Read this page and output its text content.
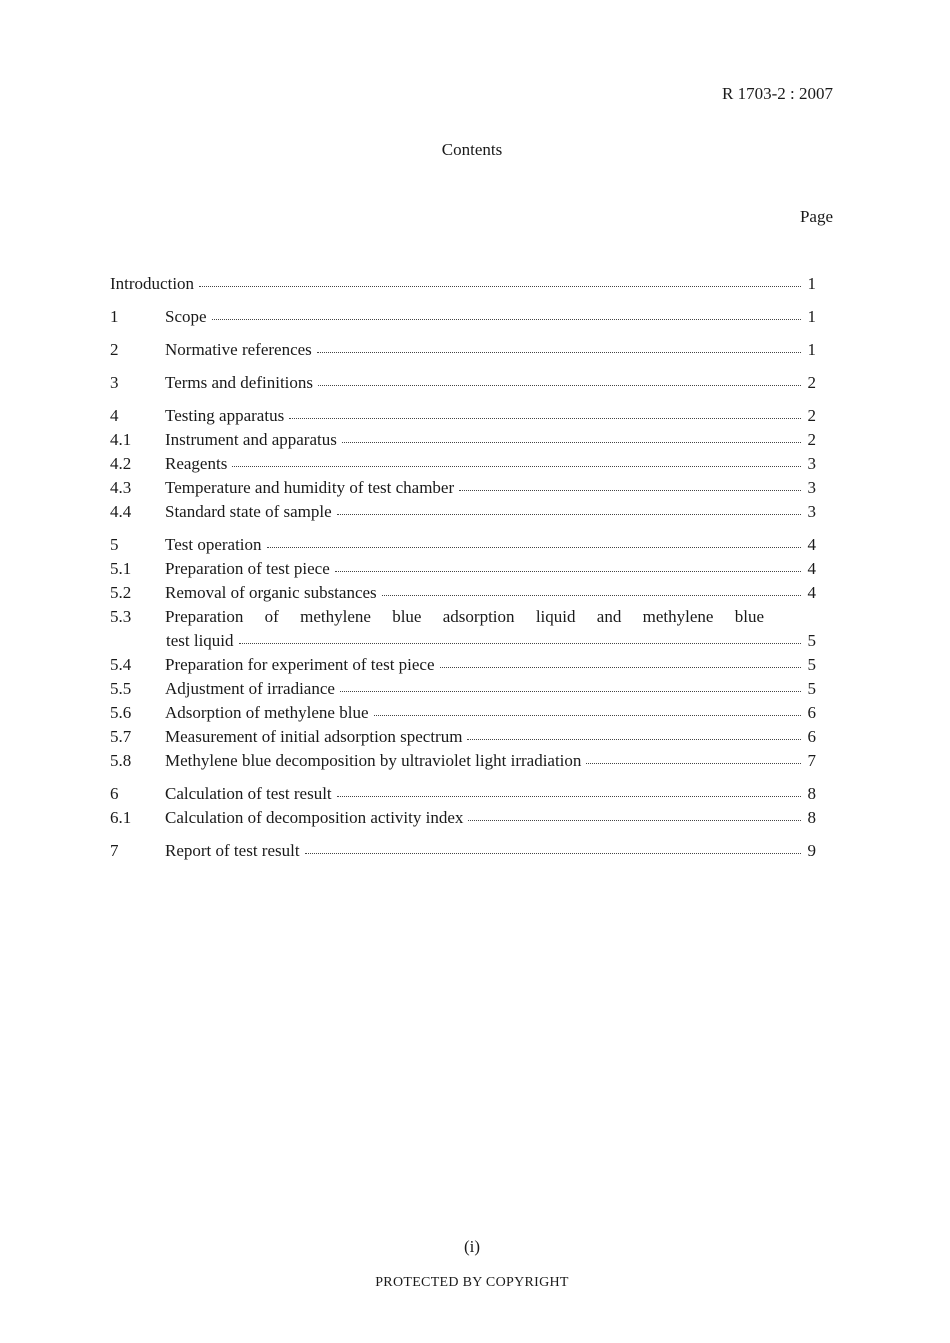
R 1703-2 : 2007
Contents
Page
Introduction	1
1	Scope	1
2	Normative references	1
3	Terms and definitions	2
4	Testing apparatus	2
4.1	Instrument and apparatus	2
4.2	Reagents	3
4.3	Temperature and humidity of test chamber	3
4.4	Standard state of sample	3
5	Test operation	4
5.1	Preparation of test piece	4
5.2	Removal of organic substances	4
5.3	Preparation of methylene blue adsorption liquid and methylene blue
test liquid	5
5.4	Preparation for experiment of test piece	5
5.5	Adjustment of irradiance	5
5.6	Adsorption of methylene blue	6
5.7	Measurement of initial adsorption spectrum	6
5.8	Methylene blue decomposition by ultraviolet light irradiation	7
6	Calculation of test result	8
6.1	Calculation of decomposition activity index	8
7	Report of test result	9
(i)
PROTECTED BY COPYRIGHT
